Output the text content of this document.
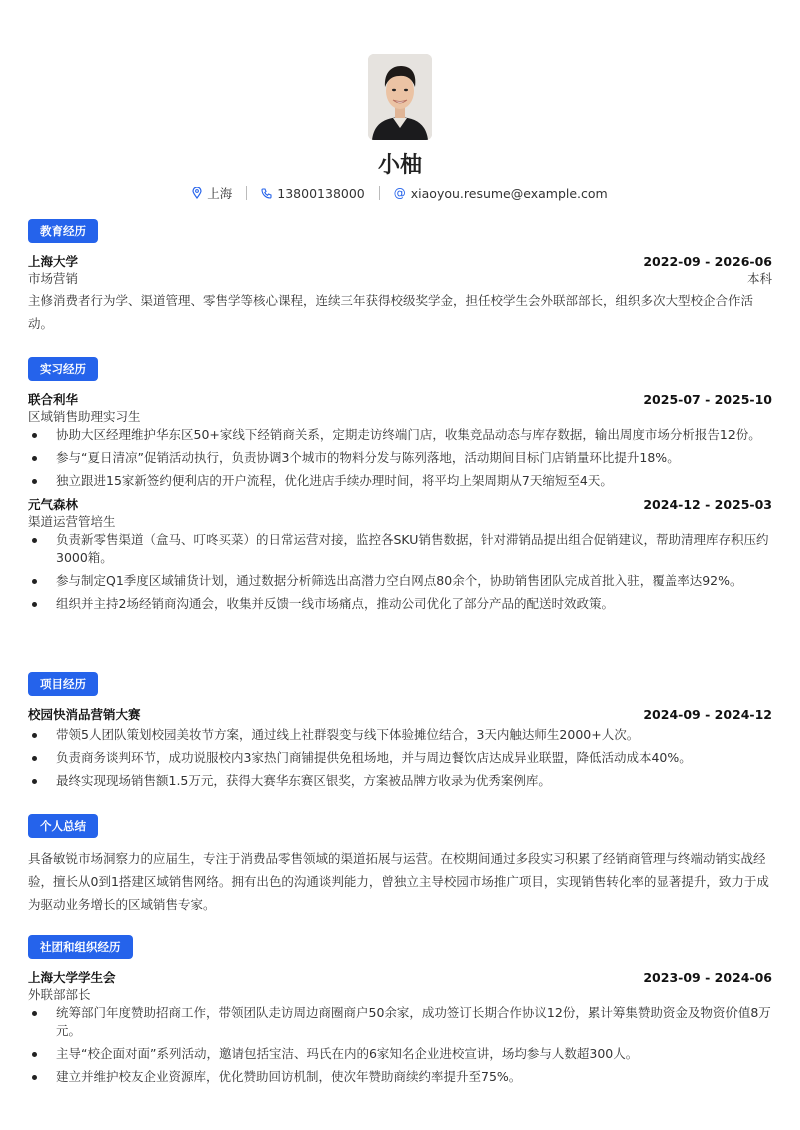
小柚
上海	13800138000 @ xiaoyou.resume@example.com
教育经历
上海大学	2022-09 - 2026-06
市场营销	本科
主修消费者行为学、渠道管理、零售学等核心课程，连续三年获得校级奖学金，担任校学生会外联部部长，组织多次大型校企合作活动。
实习经历
联合利华	2025-07 - 2025-10
区域销售助理实习生
协助大区经理维护华东区50+家线下经销商关系，定期走访终端门店，收集竞品动态与库存数据，输出周度市场分析报告12份。
参与“夏日清凉”促销活动执行，负责协调3个城市的物料分发与陈列落地，活动期间目标门店销量环比提升18%。
独立跟进15家新签约便利店的开户流程，优化进店手续办理时间，将平均上架周期从7天缩短至4天。
元气森林	2024-12 - 2025-03
渠道运营管培生
负责新零售渠道（盒马、叮咚买菜）的日常运营对接，监控各SKU销售数据，针对滞销品提出组合促销建议，帮助清理库存积压约3000箱。
参与制定Q1季度区域铺货计划，通过数据分析筛选出高潜力空白网点80余个，协助销售团队完成首批入驻，覆盖率达92%。
组织并主持2场经销商沟通会，收集并反馈一线市场痛点，推动公司优化了部分产品的配送时效政策。
项目经历
校园快消品营销大赛	2024-09 - 2024-12
带领5人团队策划校园美妆节方案，通过线上社群裂变与线下体验摊位结合，3天内触达师生2000+人次。
负责商务谈判环节，成功说服校内3家热门商铺提供免租场地，并与周边餐饮店达成异业联盟，降低活动成本40%。
最终实现现场销售额1.5万元，获得大赛华东赛区银奖，方案被品牌方收录为优秀案例库。
个人总结
具备敏锐市场洞察力的应届生，专注于消费品零售领域的渠道拓展与运营。在校期间通过多段实习积累了经销商管理与终端动销实战经验，擅长从0到1搭建区域销售网络。拥有出色的沟通谈判能力，曾独立主导校园市场推广项目，实现销售转化率的显著提升，致力于成为驱动业务增长的区域销售专家。
社团和组织经历
上海大学学生会	2023-09 - 2024-06
外联部部长
统筹部门年度赞助招商工作，带领团队走访周边商圈商户50余家，成功签订长期合作协议12份，累计筹集赞助资金及物资价值8万元。
主导“校企面对面”系列活动，邀请包括宝洁、玛氏在内的6家知名企业进校宣讲，场均参与人数超300人。
建立并维护校友企业资源库，优化赞助回访机制，使次年赞助商续约率提升至75%。
